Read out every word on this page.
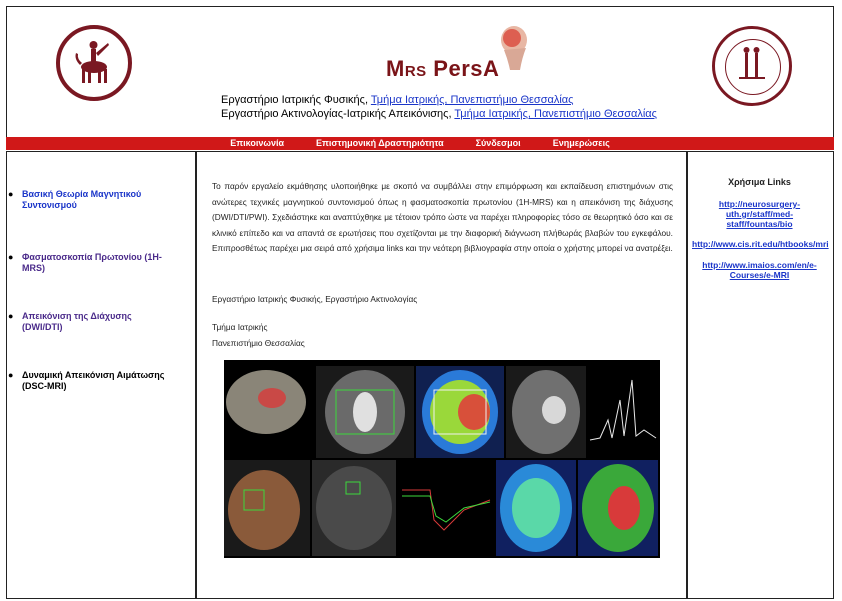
MRS PersA
Εργαστήριο Ιατρικής Φυσικής, Τμήμα Ιατρικής, Πανεπιστήμιο Θεσσαλίας
Εργαστήριο Ακτινολογίας-Ιατρικής Απεικόνισης, Τμήμα Ιατρικής, Πανεπιστήμιο Θεσσαλίας
Επικοινωνία	Επιστημονική Δραστηριότητα	Σύνδεσμοι	Ενημερώσεις
● Βασική Θεωρία Μαγνητικού Συντονισμού
● Φασματοσκοπία Πρωτονίου (1H-MRS)
● Απεικόνιση της Διάχυσης (DWI/DTI)
● Δυναμική Απεικόνιση Αιμάτωσης (DSC-MRI)
Το παρόν εργαλείο εκμάθησης υλοποιήθηκε με σκοπό να συμβάλλει στην επιμόρφωση και εκπαίδευση επιστημόνων στις ανώτερες τεχνικές μαγνητικού συντονισμού όπως η φασματοσκοπία πρωτονίου (1H-MRS) και η απεικόνιση της διάχυσης (DWI/DTI/PWI). Σχεδιάστηκε και αναπτύχθηκε με τέτοιον τρόπο ώστε να παρέχει πληροφορίες τόσο σε θεωρητικό όσο και σε κλινικό επίπεδο και να απαντά σε ερωτήσεις που σχετίζονται με την διαφορική διάγνωση πλήθωράς βλαβών του εγκεφάλου. Επιπροσθέτως παρέχει μια σειρά από χρήσιμα links και την νεότερη βιβλιογραφία στην οποία ο χρήστης μπορεί να ανατρέξει.
Εργαστήριο Ιατρικής Φυσικής, Εργαστήριο Ακτινολογίας
Τμήμα Ιατρικής
Πανεπιστήμιο Θεσσαλίας
Χρήσιμα Links
http://neurosurgery-
uth.gr/staff/med-
staff/fountas/bio
http://www.cis.rit.edu/htbooks/mri
http://www.imaios.com/en/e-
Courses/e-MRI
